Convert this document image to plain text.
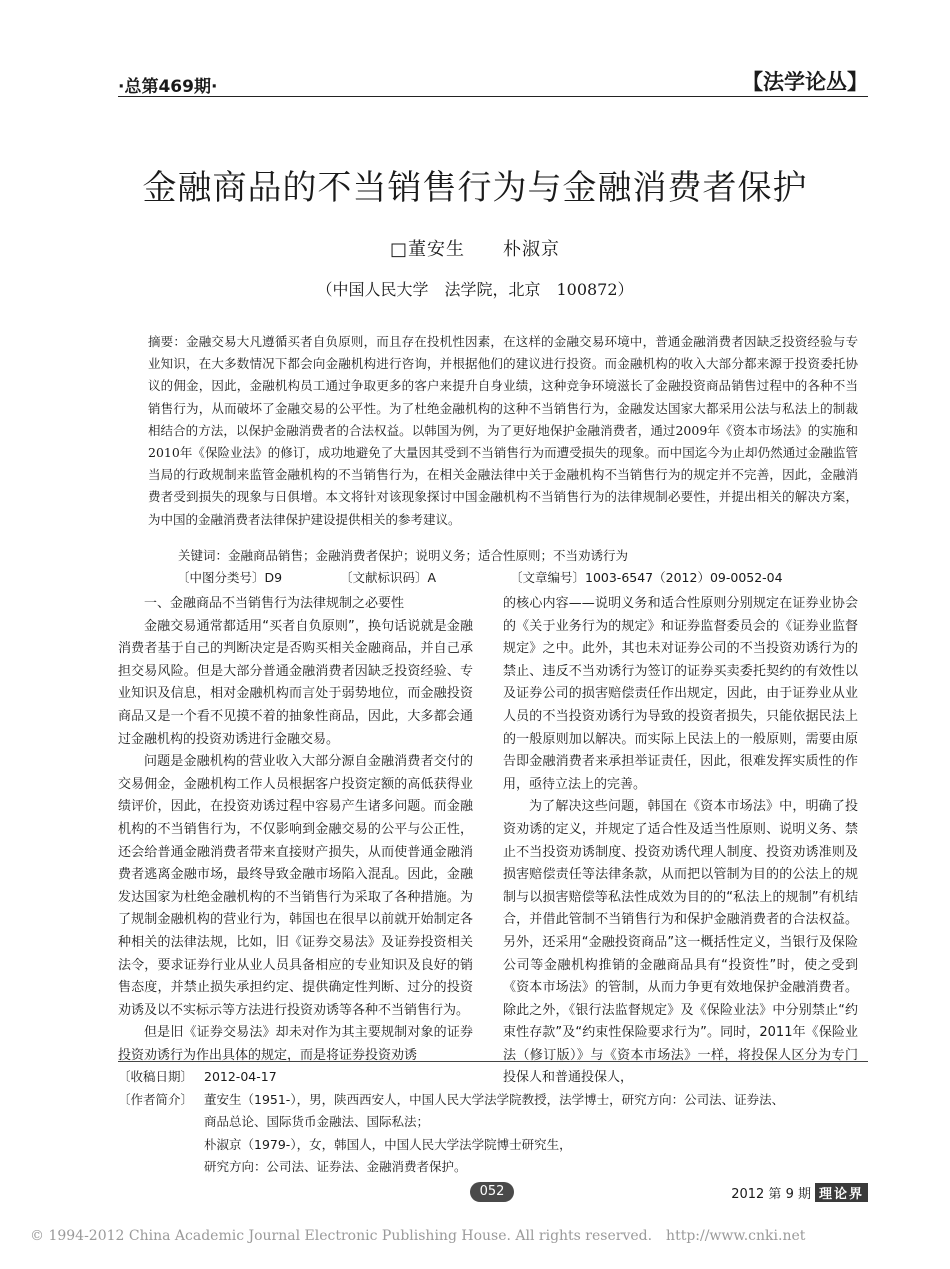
·总第469期·	【法学论丛】
金融商品的不当销售行为与金融消费者保护
□董安生　　朴淑京
（中国人民大学　法学院，北京　100872）
摘要：金融交易大凡遵循买者自负原则，而且存在投机性因素，在这样的金融交易环境中，普通金融消费者因缺乏投资经验与专业知识，在大多数情况下都会向金融机构进行咨询，并根据他们的建议进行投资。而金融机构的收入大部分都来源于投资委托协议的佣金，因此，金融机构员工通过争取更多的客户来提升自身业绩，这种竞争环境滋长了金融投资商品销售过程中的各种不当销售行为，从而破坏了金融交易的公平性。为了杜绝金融机构的这种不当销售行为，金融发达国家大都采用公法与私法上的制裁相结合的方法，以保护金融消费者的合法权益。以韩国为例，为了更好地保护金融消费者，通过2009年《资本市场法》的实施和2010年《保险业法》的修订，成功地避免了大量因其受到不当销售行为而遭受损失的现象。而中国迄今为止却仍然通过金融监管当局的行政规制来监管金融机构的不当销售行为，在相关金融法律中关于金融机构不当销售行为的规定并不完善，因此，金融消费者受到损失的现象与日俱增。本文将针对该现象探讨中国金融机构不当销售行为的法律规制必要性，并提出相关的解决方案，为中国的金融消费者法律保护建设提供相关的参考建议。
关键词：金融商品销售；金融消费者保护；说明义务；适合性原则；不当劝诱行为
〔中图分类号〕D9	〔文献标识码〕A	〔文章编号〕1003-6547（2012）09-0052-04
一、金融商品不当销售行为法律规制之必要性

金融交易通常都适用“买者自负原则”，换句话说就是金融消费者基于自己的判断决定是否购买相关金融商品，并自己承担交易风险。但是大部分普通金融消费者因缺乏投资经验、专业知识及信息，相对金融机构而言处于弱势地位，而金融投资商品又是一个看不见摸不着的抽象性商品，因此，大多都会通过金融机构的投资劝诱进行金融交易。

问题是金融机构的营业收入大部分源自金融消费者交付的交易佣金，金融机构工作人员根据客户投资定额的高低获得业绩评价，因此，在投资劝诱过程中容易产生诸多问题。而金融机构的不当销售行为，不仅影响到金融交易的公平与公正性，还会给普通金融消费者带来直接财产损失，从而使普通金融消费者逃离金融市场，最终导致金融市场陷入混乱。因此，金融发达国家为杜绝金融机构的不当销售行为采取了各种措施。为了规制金融机构的营业行为，韩国也在很早以前就开始制定各种相关的法律法规，比如，旧《证券交易法》及证券投资相关法令，要求证券行业从业人员具备相应的专业知识及良好的销售态度，并禁止损失承担约定、提供确定性判断、过分的投资劝诱及以不实标示等方法进行投资劝诱等各种不当销售行为。

但是旧《证券交易法》却未对作为其主要规制对象的证券投资劝诱行为作出具体的规定，而是将证券投资劝诱

的核心内容——说明义务和适合性原则分别规定在证券业协会的《关于业务行为的规定》和证券监督委员会的《证券业监督规定》之中。此外，其也未对证券公司的不当投资劝诱行为的禁止、违反不当劝诱行为签订的证券买卖委托契约的有效性以及证券公司的损害赔偿责任作出规定，因此，由于证券业从业人员的不当投资劝诱行为导致的投资者损失，只能依据民法上的一般原则加以解决。而实际上民法上的一般原则，需要由原告即金融消费者来承担举证责任，因此，很难发挥实质性的作用，亟待立法上的完善。

为了解决这些问题，韩国在《资本市场法》中，明确了投资劝诱的定义，并规定了适合性及适当性原则、说明义务、禁止不当投资劝诱制度、投资劝诱代理人制度、投资劝诱准则及损害赔偿责任等法律条款，从而把以管制为目的的公法上的规制与以损害赔偿等私法性成效为目的的“私法上的规制”有机结合，并借此管制不当销售行为和保护金融消费者的合法权益。另外，还采用“金融投资商品”这一概括性定义，当银行及保险公司等金融机构推销的金融商品具有“投资性”时，使之受到《资本市场法》的管制，从而力争更有效地保护金融消费者。除此之外，《银行法监督规定》及《保险业法》中分别禁止“约束性存款”及“约束性保险要求行为”。同时，2011年《保险业法（修订版）》与《资本市场法》一样，将投保人区分为专门投保人和普通投保人，

〔收稿日期〕 2012-04-17
〔作者简介〕 董安生（1951-），男，陕西西安人，中国人民大学法学院教授，法学博士，研究方向：公司法、证券法、
商品总论、国际货币金融法、国际私法；
朴淑京（1979-），女，韩国人，中国人民大学法学院博士研究生，
研究方向：公司法、证券法、金融消费者保护。
052	2012 第 9 期 理论界
© 1994-2012 China Academic Journal Electronic Publishing House. All rights reserved.　http://www.cnki.net
